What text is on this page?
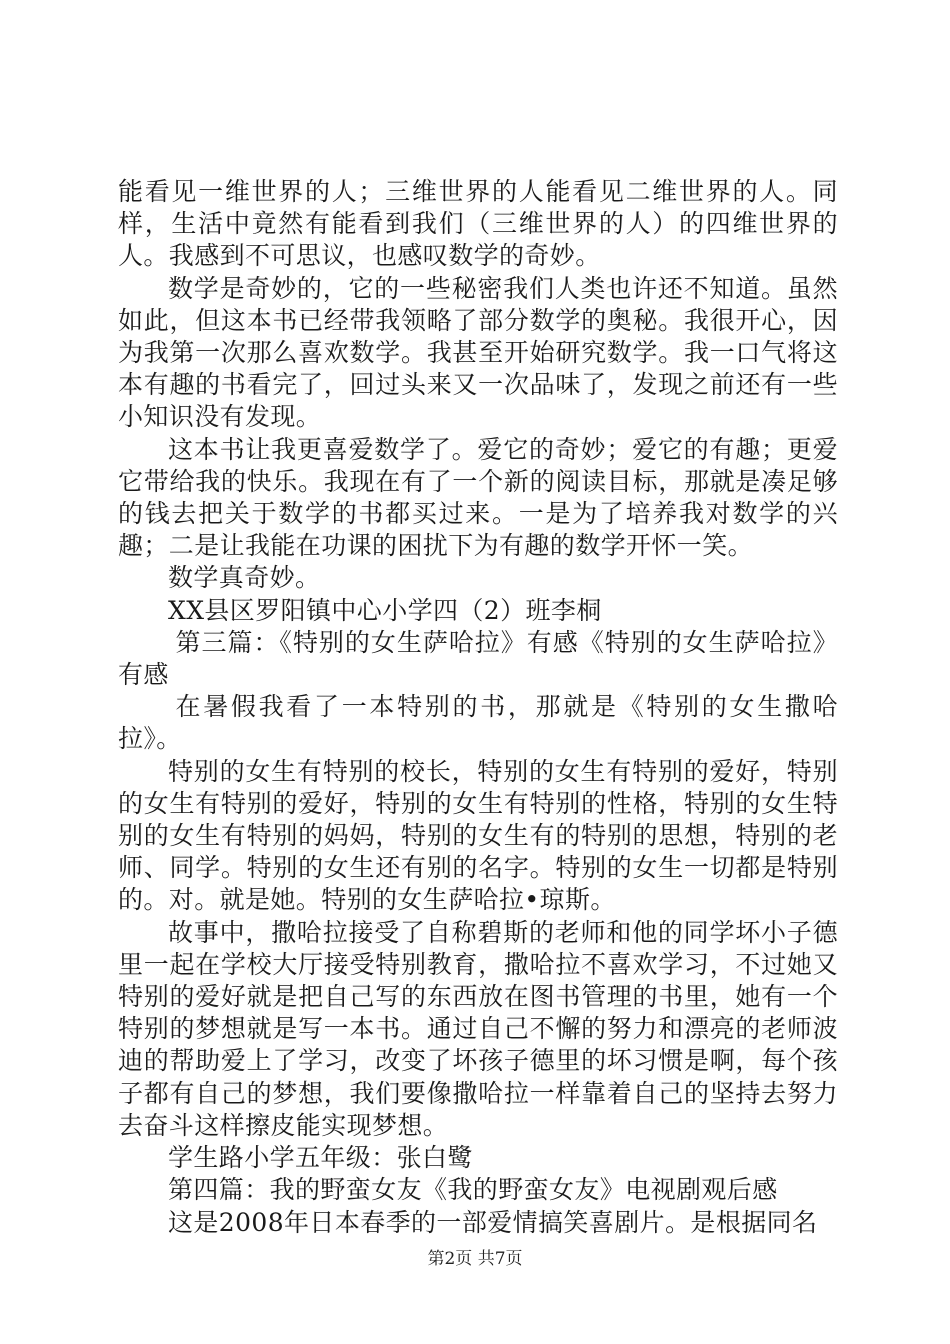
能看见一维世界的人；三维世界的人能看见二维世界的人。同样，生活中竟然有能看到我们（三维世界的人）的四维世界的人。我感到不可思议，也感叹数学的奇妙。

数学是奇妙的，它的一些秘密我们人类也许还不知道。虽然如此，但这本书已经带我领略了部分数学的奥秘。我很开心，因为我第一次那么喜欢数学。我甚至开始研究数学。我一口气将这本有趣的书看完了，回过头来又一次品味了，发现之前还有一些小知识没有发现。

这本书让我更喜爱数学了。爱它的奇妙；爱它的有趣；更爱它带给我的快乐。我现在有了一个新的阅读目标，那就是凑足够的钱去把关于数学的书都买过来。一是为了培养我对数学的兴趣；二是让我能在功课的困扰下为有趣的数学开怀一笑。

数学真奇妙。

XX县区罗阳镇中心小学四（2）班李桐

第三篇：《特别的女生萨哈拉》有感《特别的女生萨哈拉》有感

在暑假我看了一本特别的书，那就是《特别的女生撒哈拉》。

特别的女生有特别的校长，特别的女生有特别的爱好，特别的女生有特别的爱好，特别的女生有特别的性格，特别的女生特别的女生有特别的妈妈，特别的女生有的特别的思想，特别的老师、同学。特别的女生还有别的名字。特别的女生一切都是特别的。对。就是她。特别的女生萨哈拉•琼斯。

故事中，撒哈拉接受了自称碧斯的老师和他的同学坏小子德里一起在学校大厅接受特别教育，撒哈拉不喜欢学习，不过她又特别的爱好就是把自己写的东西放在图书管理的书里，她有一个特别的梦想就是写一本书。通过自己不懈的努力和漂亮的老师波迪的帮助爱上了学习，改变了坏孩子德里的坏习惯是啊，每个孩子都有自己的梦想，我们要像撒哈拉一样靠着自己的坚持去努力去奋斗这样擦皮能实现梦想。

学生路小学五年级：张白鹭

第四篇：我的野蛮女友《我的野蛮女友》电视剧观后感

这是2008年日本春季的一部爱情搞笑喜剧片。是根据同名

第2页 共7页
